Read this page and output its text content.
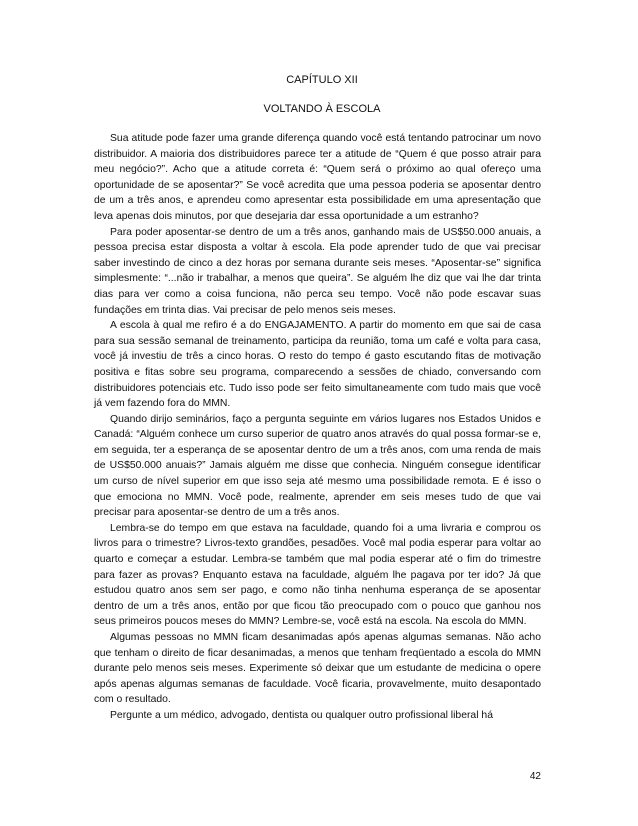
CAPÍTULO XII
VOLTANDO À ESCOLA

Sua atitude pode fazer uma grande diferença quando você está tentando patrocinar um novo distribuidor. A maioria dos distribuidores parece ter a atitude de “Quem é que posso atrair para meu negócio?”. Acho que a atitude correta é: “Quem será o próximo ao qual ofereço uma oportunidade de se aposentar?” Se você acredita que uma pessoa poderia se aposentar dentro de um a três anos, e aprendeu como apresentar esta possibilidade em uma apresentação que leva apenas dois minutos, por que desejaria dar essa oportunidade a um estranho?

Para poder aposentar-se dentro de um a três anos, ganhando mais de US$50.000 anuais, a pessoa precisa estar disposta a voltar à escola. Ela pode aprender tudo de que vai precisar saber investindo de cinco a dez horas por semana durante seis meses. “Aposentar-se” significa simplesmente: “...não ir trabalhar, a menos que queira”. Se alguém lhe diz que vai lhe dar trinta dias para ver como a coisa funciona, não perca seu tempo. Você não pode escavar suas fundações em trinta dias. Vai precisar de pelo menos seis meses.

A escola à qual me refiro é a do ENGAJAMENTO. A partir do momento em que sai de casa para sua sessão semanal de treinamento, participa da reunião, toma um café e volta para casa, você já investiu de três a cinco horas. O resto do tempo é gasto escutando fitas de motivação positiva e fitas sobre seu programa, comparecendo a sessões de chiado, conversando com distribuidores potenciais etc. Tudo isso pode ser feito simultaneamente com tudo mais que você já vem fazendo fora do MMN.

Quando dirijo seminários, faço a pergunta seguinte em vários lugares nos Estados Unidos e Canadá: “Alguém conhece um curso superior de quatro anos através do qual possa formar-se e, em seguida, ter a esperança de se aposentar dentro de um a três anos, com uma renda de mais de US$50.000 anuais?” Jamais alguém me disse que conhecia. Ninguém consegue identificar um curso de nível superior em que isso seja até mesmo uma possibilidade remota. E é isso o que emociona no MMN. Você pode, realmente, aprender em seis meses tudo de que vai precisar para aposentar-se dentro de um a três anos.

Lembra-se do tempo em que estava na faculdade, quando foi a uma livraria e comprou os livros para o trimestre? Livros-texto grandões, pesadões. Você mal podia esperar para voltar ao quarto e começar a estudar. Lembra-se também que mal podia esperar até o fim do trimestre para fazer as provas? Enquanto estava na faculdade, alguém lhe pagava por ter ido? Já que estudou quatro anos sem ser pago, e como não tinha nenhuma esperança de se aposentar dentro de um a três anos, então por que ficou tão preocupado com o pouco que ganhou nos seus primeiros poucos meses do MMN? Lembre-se, você está na escola. Na escola do MMN.

Algumas pessoas no MMN ficam desanimadas após apenas algumas semanas. Não acho que tenham o direito de ficar desanimadas, a menos que tenham freqüentado a escola do MMN durante pelo menos seis meses. Experimente só deixar que um estudante de medicina o opere após apenas algumas semanas de faculdade. Você ficaria, provavelmente, muito desapontado com o resultado.

Pergunte a um médico, advogado, dentista ou qualquer outro profissional liberal há

42
